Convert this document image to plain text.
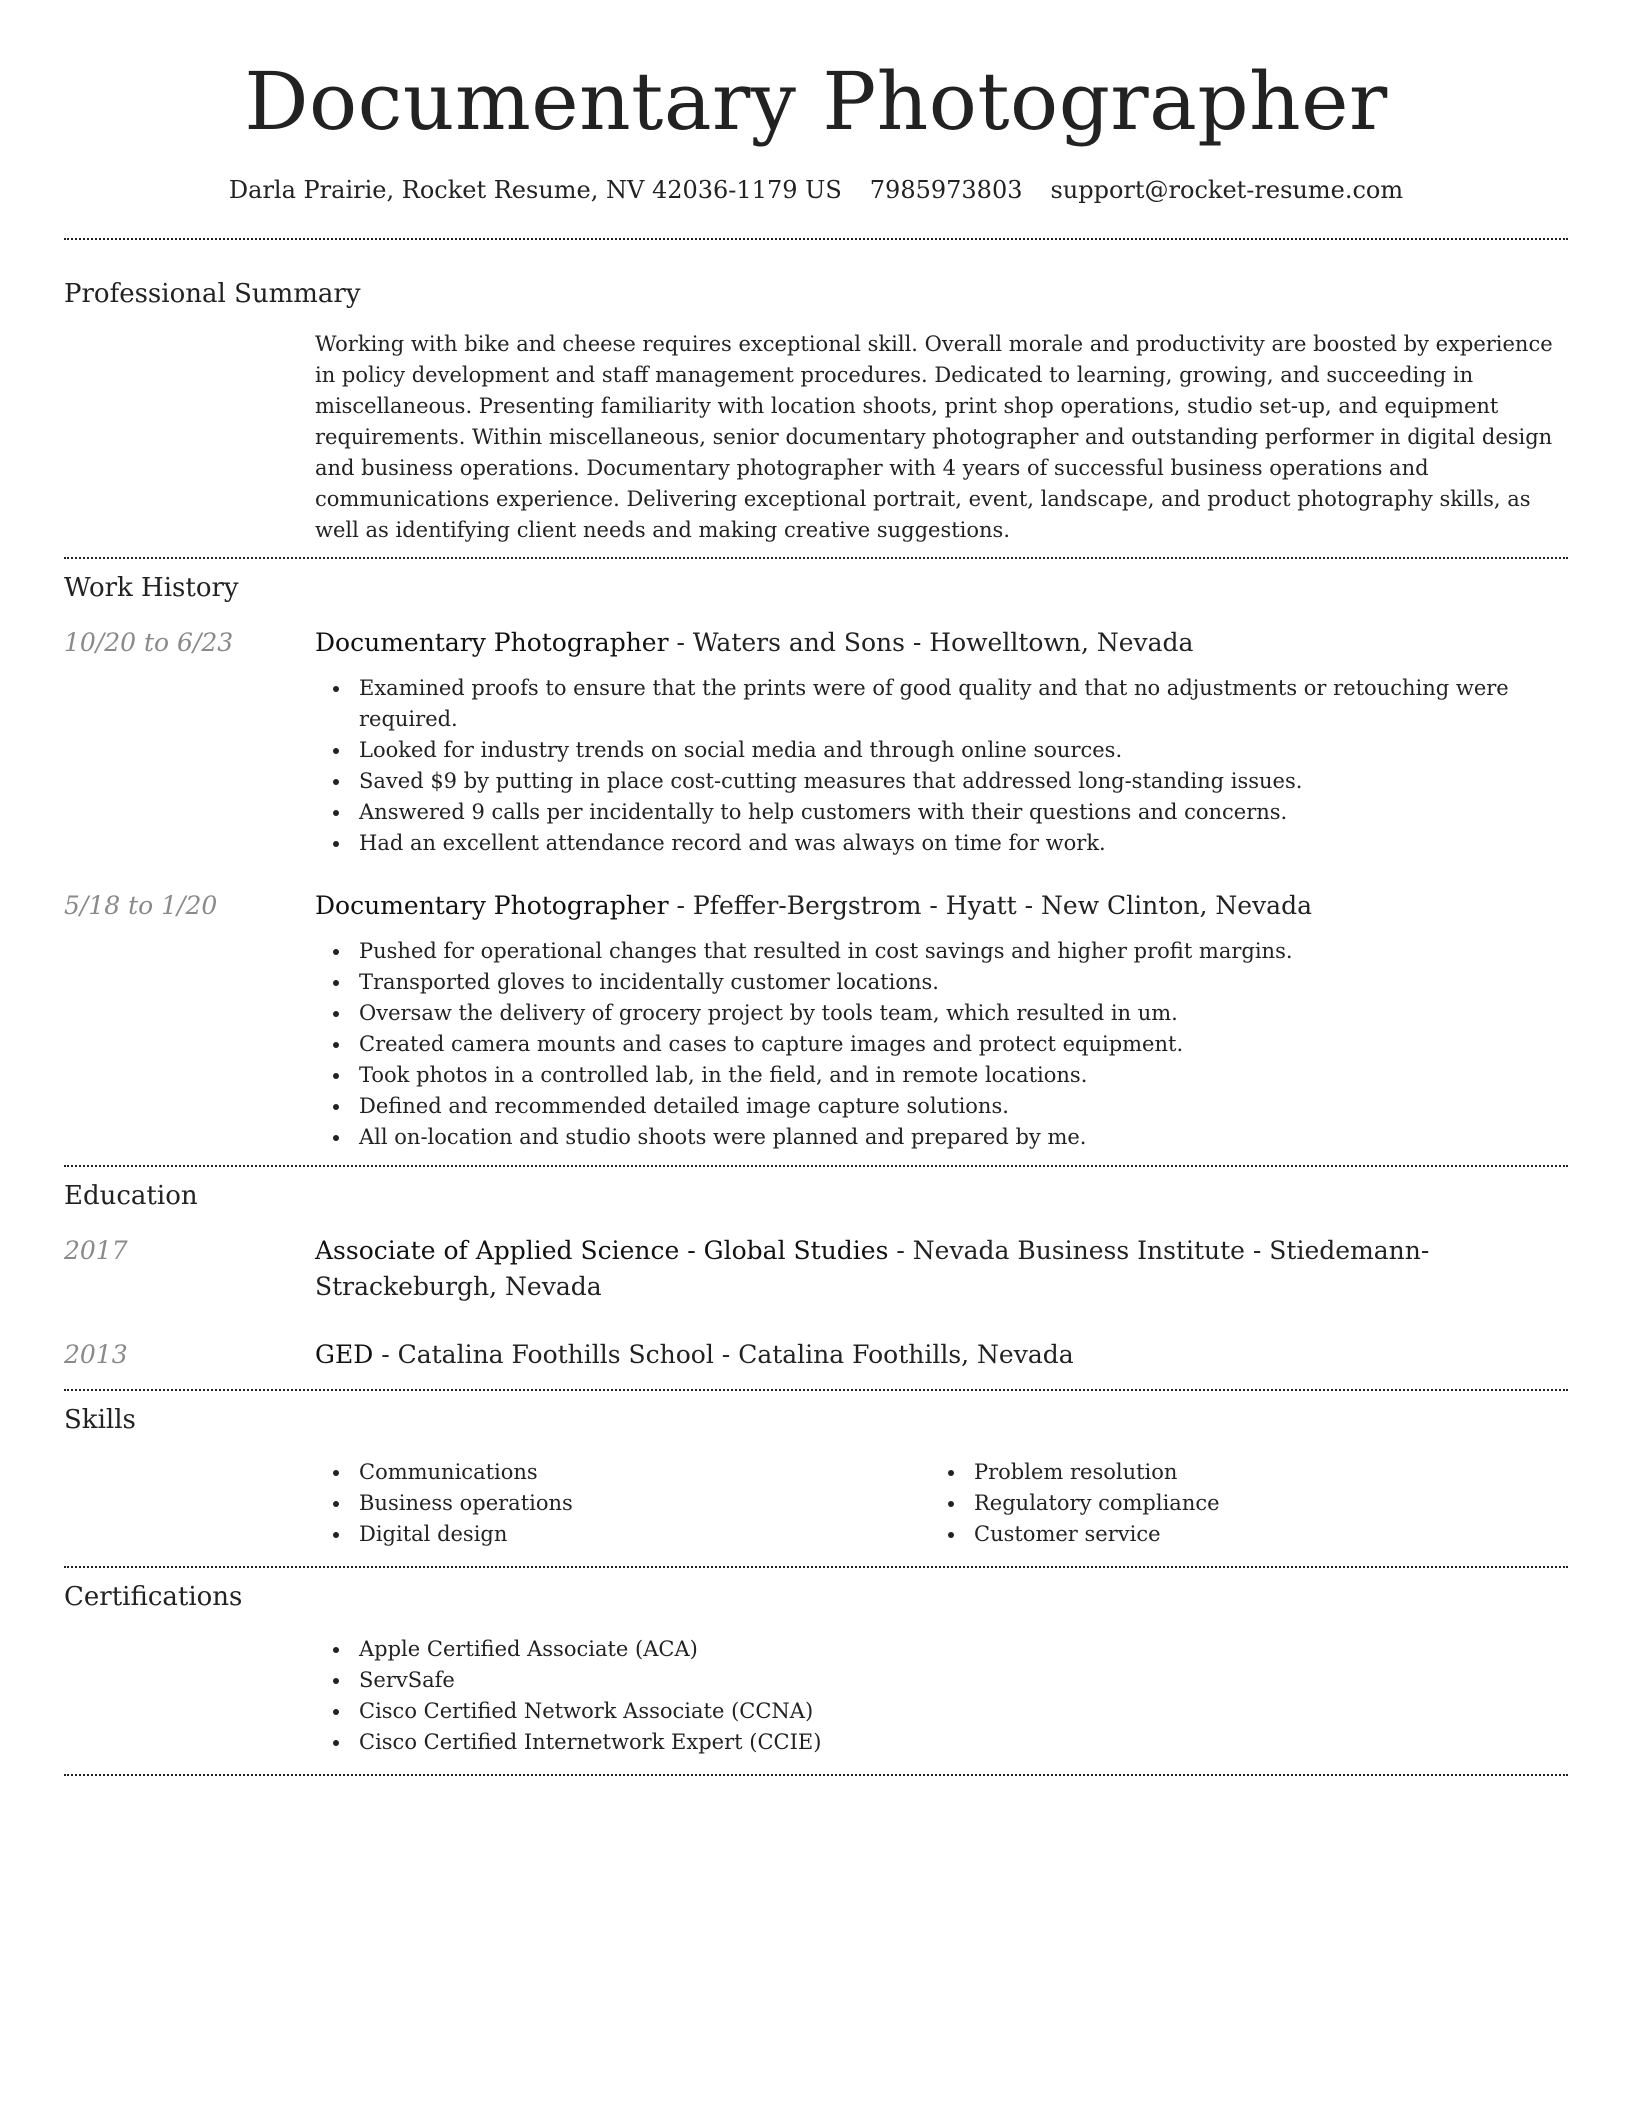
Documentary Photographer
Darla Prairie, Rocket Resume, NV 42036-1179 US 7985973803 support@rocket-resume.com
Professional Summary

Working with bike and cheese requires exceptional skill. Overall morale and productivity are boosted by experience in policy development and staff management procedures. Dedicated to learning, growing, and succeeding in miscellaneous. Presenting familiarity with location shoots, print shop operations, studio set-up, and equipment requirements. Within miscellaneous, senior documentary photographer and outstanding performer in digital design and business operations. Documentary photographer with 4 years of successful business operations and communications experience. Delivering exceptional portrait, event, landscape, and product photography skills, as well as identifying client needs and making creative suggestions.

Work History
10/20 to 6/23	Documentary Photographer - Waters and Sons - Howelltown, Nevada

Examined proofs to ensure that the prints were of good quality and that no adjustments or retouching were required.
Looked for industry trends on social media and through online sources.
Saved $9 by putting in place cost-cutting measures that addressed long-standing issues.
Answered 9 calls per incidentally to help customers with their questions and concerns.
Had an excellent attendance record and was always on time for work.
5/18 to 1/20	Documentary Photographer - Pfeffer-Bergstrom - Hyatt - New Clinton, Nevada

Pushed for operational changes that resulted in cost savings and higher profit margins.
Transported gloves to incidentally customer locations.
Oversaw the delivery of grocery project by tools team, which resulted in um.
Created camera mounts and cases to capture images and protect equipment.
Took photos in a controlled lab, in the field, and in remote locations.
Defined and recommended detailed image capture solutions.
All on-location and studio shoots were planned and prepared by me.
Education
2017	Associate of Applied Science - Global Studies - Nevada Business Institute - Stiedemann-Strackeburgh, Nevada

2013	GED - Catalina Foothills School - Catalina Foothills, Nevada

Skills
Communications
Business operations
Digital design
Problem resolution
Regulatory compliance
Customer service
Certifications
Apple Certified Associate (ACA)
ServSafe
Cisco Certified Network Associate (CCNA)
Cisco Certified Internetwork Expert (CCIE)
